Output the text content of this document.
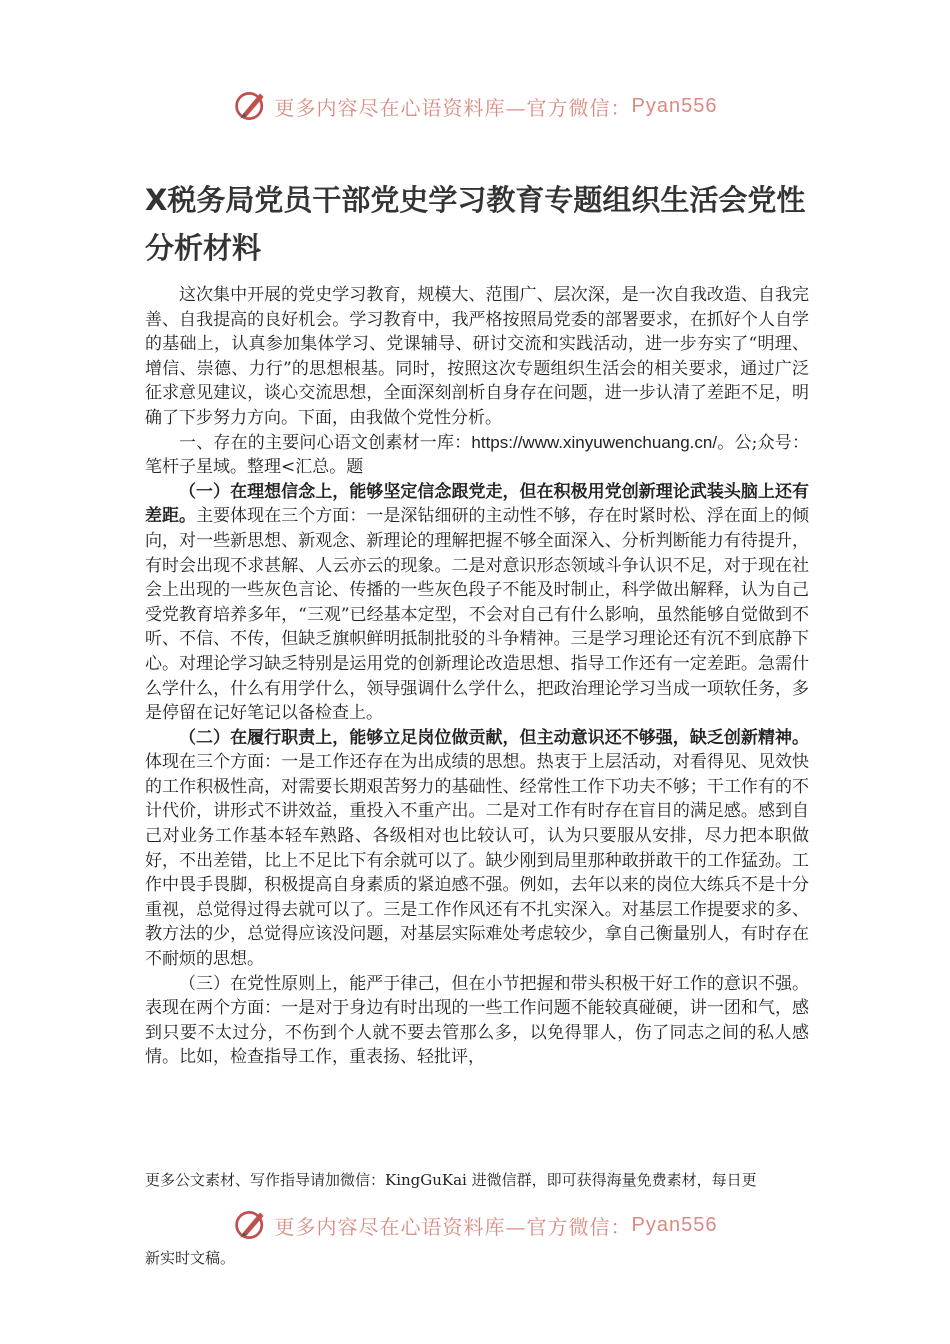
更多内容尽在心语资料库—官方微信： Pyan556
X税务局党员干部党史学习教育专题组织生活会党性分析材料

这次集中开展的党史学习教育，规模大、范围广、层次深，是一次自我改造、自我完善、自我提高的良好机会。学习教育中，我严格按照局党委的部署要求，在抓好个人自学的基础上，认真参加集体学习、党课辅导、研讨交流和实践活动，进一步夯实了“明理、增信、崇德、力行”的思想根基。同时，按照这次专题组织生活会的相关要求，通过广泛征求意见建议，谈心交流思想，全面深刻剖析自身存在问题，进一步认清了差距不足，明确了下步努力方向。下面，由我做个党性分析。

一、存在的主要问心语文创素材一库：https://www.xinyuwenchuang.cn/。公;众号：笔杆子星域。整理<汇总。题

（一）在理想信念上，能够坚定信念跟党走，但在积极用党创新理论武装头脑上还有差距。主要体现在三个方面：一是深钻细研的主动性不够，存在时紧时松、浮在面上的倾向，对一些新思想、新观念、新理论的理解把握不够全面深入、分析判断能力有待提升，有时会出现不求甚解、人云亦云的现象。二是对意识形态领域斗争认识不足，对于现在社会上出现的一些灰色言论、传播的一些灰色段子不能及时制止，科学做出解释，认为自己受党教育培养多年，“三观”已经基本定型，不会对自己有什么影响，虽然能够自觉做到不听、不信、不传，但缺乏旗帜鲜明抵制批驳的斗争精神。三是学习理论还有沉不到底静下心。对理论学习缺乏特别是运用党的创新理论改造思想、指导工作还有一定差距。急需什么学什么，什么有用学什么，领导强调什么学什么，把政治理论学习当成一项软任务，多是停留在记好笔记以备检查上。

（二）在履行职责上，能够立足岗位做贡献，但主动意识还不够强，缺乏创新精神。体现在三个方面：一是工作还存在为出成绩的思想。热衷于上层活动，对看得见、见效快的工作积极性高，对需要长期艰苦努力的基础性、经常性工作下功夫不够；干工作有的不计代价，讲形式不讲效益，重投入不重产出。二是对工作有时存在盲目的满足感。感到自己对业务工作基本轻车熟路、各级相对也比较认可，认为只要服从安排，尽力把本职做好，不出差错，比上不足比下有余就可以了。缺少刚到局里那种敢拼敢干的工作猛劲。工作中畏手畏脚，积极提高自身素质的紧迫感不强。例如，去年以来的岗位大练兵不是十分重视，总觉得过得去就可以了。三是工作作风还有不扎实深入。对基层工作提要求的多、教方法的少，总觉得应该没问题，对基层实际难处考虑较少，拿自己衡量别人，有时存在不耐烦的思想。

（三）在党性原则上，能严于律己，但在小节把握和带头积极干好工作的意识不强。表现在两个方面：一是对于身边有时出现的一些工作问题不能较真碰硬，讲一团和气，感到只要不太过分，不伤到个人就不要去管那么多，以免得罪人，伤了同志之间的私人感情。比如，检查指导工作，重表扬、轻批评，

更多公文素材、写作指导请加微信：KingGuKai 进微信群，即可获得海量免费素材，每日更
更多内容尽在心语资料库—官方微信： Pyan556
新实时文稿。
